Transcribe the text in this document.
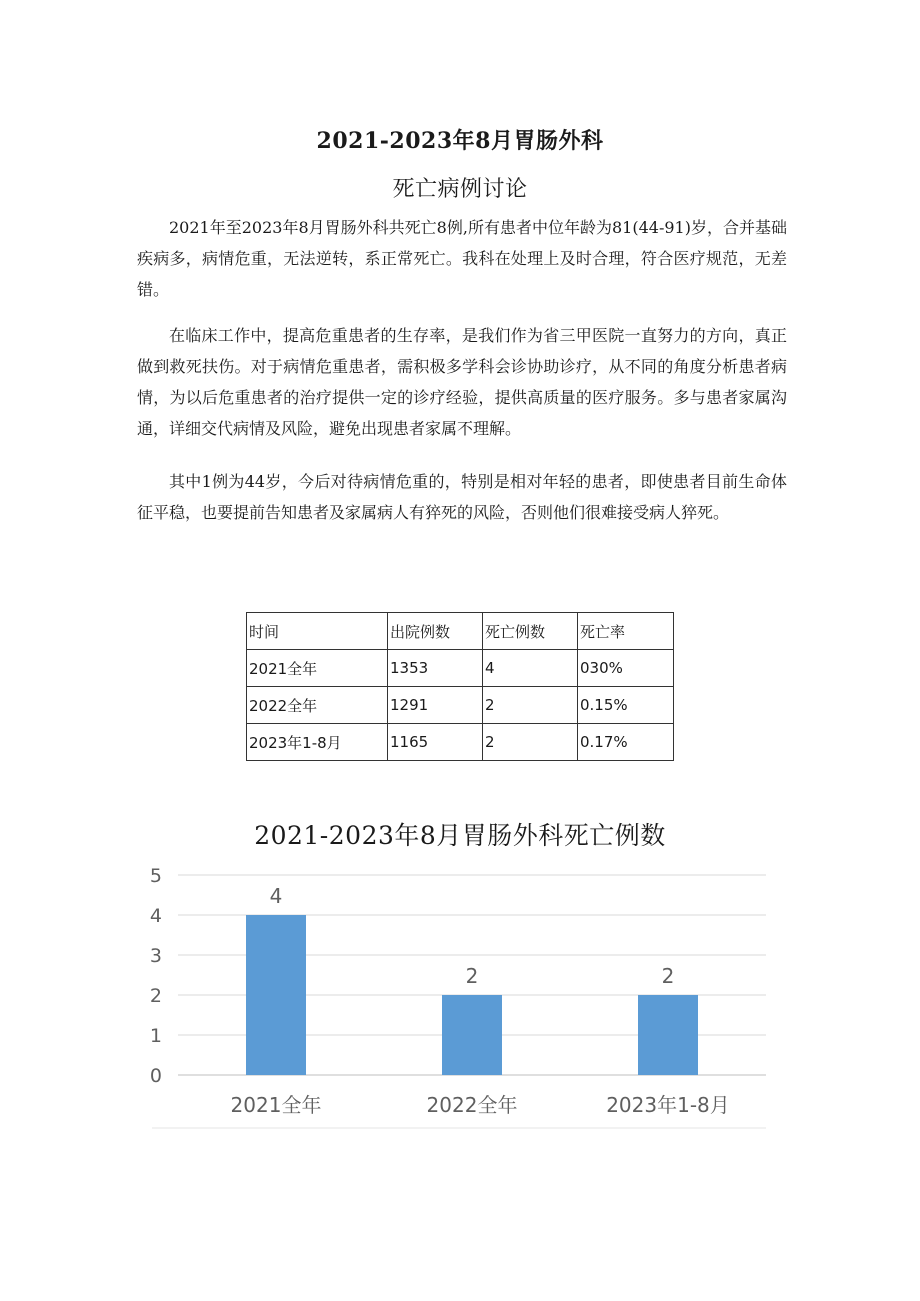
2021-2023年8月胃肠外科
死亡病例讨论
2021年至2023年8月胃肠外科共死亡8例,所有患者中位年龄为81(44-91)岁，合并基础疾病多，病情危重，无法逆转，系正常死亡。我科在处理上及时合理，符合医疗规范，无差错。
在临床工作中，提高危重患者的生存率，是我们作为省三甲医院一直努力的方向，真正做到救死扶伤。对于病情危重患者，需积极多学科会诊协助诊疗，从不同的角度分析患者病情，为以后危重患者的治疗提供一定的诊疗经验，提供高质量的医疗服务。多与患者家属沟通，详细交代病情及风险，避免出现患者家属不理解。
其中1例为44岁，今后对待病情危重的，特别是相对年轻的患者，即使患者目前生命体征平稳，也要提前告知患者及家属病人有猝死的风险，否则他们很难接受病人猝死。
时间	出院例数	死亡例数	死亡率
2021全年	1353	4	030%
2022全年	1291	2	0.15%
2023年1-8月	1165	2	0.17%
2021-2023年8月胃肠外科死亡例数
0
1
2
3
4
5
4
2021全年
2
2022全年
2
2023年1-8月
